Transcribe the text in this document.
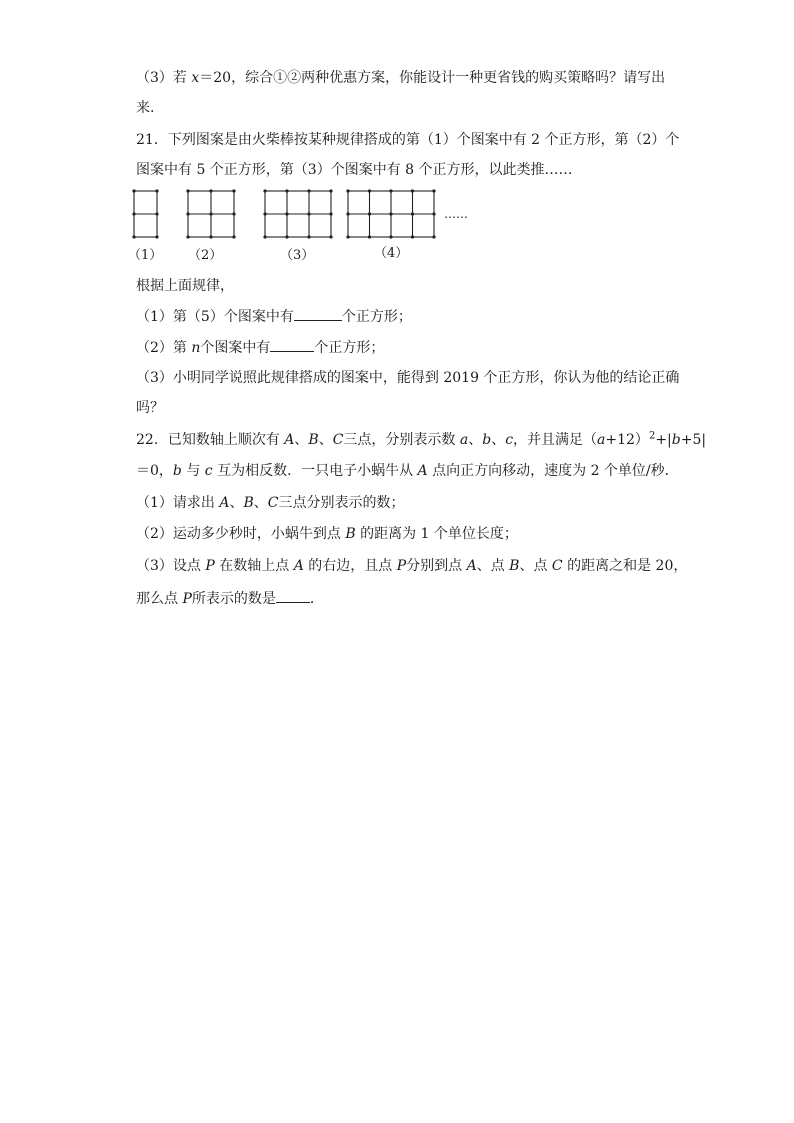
（3）若 x＝20，综合①②两种优惠方案，你能设计一种更省钱的购买策略吗？请写出
来.
21．下列图案是由火柴棒按某种规律搭成的第（1）个图案中有 2 个正方形，第（2）个
图案中有 5 个正方形，第（3）个图案中有 8 个正方形，以此类推……
（1） （2）	（3）	（4）
……
根据上面规律，
（1）第（5）个图案中有	个正方形；
（2）第 n个图案中有	个正方形；
（3）小明同学说照此规律搭成的图案中，能得到 2019 个正方形，你认为他的结论正确
吗？
22．已知数轴上顺次有 A、B、C三点，分别表示数 a、b、c，并且满足$(a+12)^2+|b+5|$
＝0，b 与 c 互为相反数．一只电子小蜗牛从 A 点向正方向移动，速度为 2 个单位/秒．
（1）请求出 A、B、C三点分别表示的数；
（2）运动多少秒时，小蜗牛到点 B 的距离为 1 个单位长度；
（3）设点 P 在数轴上点 A 的右边，且点 P分别到点 A、点 B、点 C 的距离之和是 20，
那么点 P所表示的数是 ．
